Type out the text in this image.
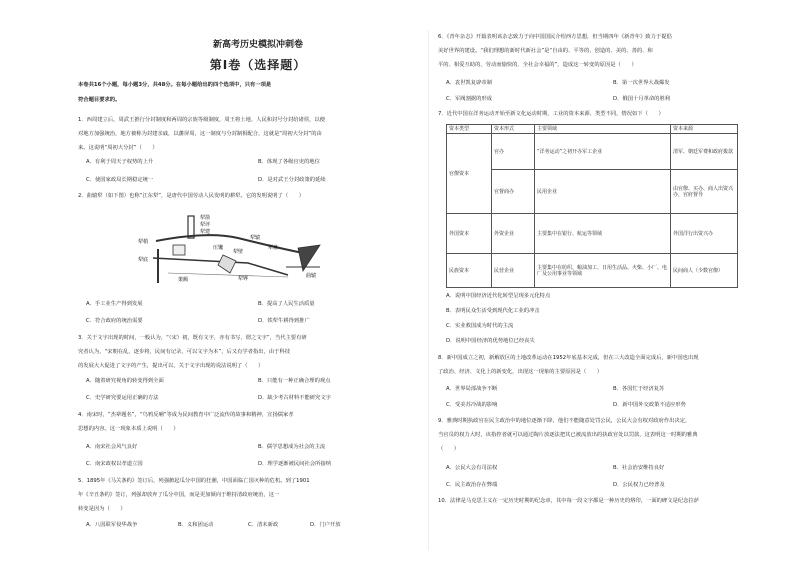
新高考历史模拟冲刺卷
第Ⅰ卷（选择题）
本卷共16个小题，每小题3分，共48分。在每小题给出的四个选项中，只有一项是
符合题目要求的。
1．西周建立后，周武王推行分封制度和两周的宗族等级制度，周王将土地、人民和封号分封给诸侯，以便
对地方加强统治，地方被称为封建亲戚，以藩屏周，这一制度与分封制相配合，这就是“周初大分封”的由
来。这说明“周初大分封”（　　）
A．有利于周天子权势的上升	B．体现了各级官吏的地位
C．使国家政局长期稳定统一	D．是对武王分封政策的延续
2．曲辕犁（如下图）也称“江东犁”，是唐代中国劳动人民发明的耕犁。它的发明说明了（　　）
犁箭
犁评
犁建
犁梢
犁辕
犁底
策额
犁壁
犁铧
压镵	犁盘
曲辕
A．手工业生产得到发展	B．提高了人民生活质量
C．符合政府的统治需要	D．铁犁牛耕得到推广
3．关于文字出现的时间，一般认为，“（宋）初，既有文字，亦有书写，谓之文字”，当代主要有研
究者认为，“宋朝在乱，逐步将，民间有记录，可以文字为本”，后又有学者指出，由于科技
的发展大大促进了文字的产生，提出可以，关于文字出现的说法说明了（　　）
A．随着研究视角的转变得到全面	B．只能有一种正确合理的观点
C．史学研究要运用正确的方法	D．缺少考古材料不能研究文字
4．南宋时，“杰辈题名”，“鸟鸦反哺”等成为民间教育中广泛流传的故事和精神，宣扬儒家孝
思想的内容。这一现象本质上说明（　　）
A．南宋社会风气良好	B．儒学思想成为社会的主流
C．南宋政权以孝道立国	D．理学逐渐被民间社会所接纳
5．1895年《马关条约》签订后，列强掀起瓜分中国的狂潮，中国面临亡国灭种的危机。到了1901
年《辛丑条约》签订，列强却放弃了瓜分中国，而是更加倾向于维持清政府统治，这一
转变是因为（　　）
A．八国联军侵华战争	B．义和团运动	C．清末新政	D．门户开放
6．《青年杂志》开篇表明该杂志致力于向中国国民介绍西方思想，但当期四年《新青年》致力于提倡
美好世界的建设。“我们理想的新时代新社会”是“自由的、平等的、创造的、美的、善的、和
平的、相爱互助的、劳动而愉快的、全社会幸福的”，造成这一转变的原因是（　　）
A．袁世凯复辟帝制	B．第一次世界大战爆发
C．军阀割据的形成	D．俄国十月革命的胜利
7．近代中国在洋务运动开始至新文化运动时期，工业的资本来源、类型不同，情况如下（　　）
资本类型	资本形式	主要领域	资本来源
官僚资本	官办	“洋务运动”之初开办军工企业	清军、朝廷军费和政府拨款
	官督商办	民用企业	由官僚、买办、商人出资兴办，官府督导
外国资本	外资企业	主要集中在银行、航运等领域	外国洋行出资兴办
民族资本	民营企业	主要集中在纺织、粮油加工、日用生活品、火柴、小厂、电厂及公用事业等领域	民间商人（少数官僚）
A．说明中国经济近代化转型呈现多元化特点
B．表明民众生活受到现代化工业的冲击
C．实业救国成为时代的主流
D．说明中国经济的优势地位已经丧失
8．新中国成立之初，新解放区的土地改革运动在1952年底基本完成，但在三大改造全面完成后，新中国也出现
了政治、经济、文化上的新变化，出现这一现象的主要原因是（　　）
A．世界局部战争不断	B．各国忙于经济复苏
C．受美苏冷战的影响	D．新中国外交政策不适应形势
9．雅典时期执政官在民主政治中的地位逐渐下降，他们不能随意处罚公民，公民大会有权对政府作出决定，
当官员的权力大时，该指控者就可以通过陶片放逐法把其已被流放出的执政官处以罚款，这表明这一时期的雅典
（　　）
A．公民大会有司法权	B．社会治安维持良好
C．民主政治存在弊端	D．公民权力已经普及
10．法律是马克思主义在一定历史时期的纪念章，其中每一段文字都是一种历史的烙印，一面的碑文是纪念拉萨
